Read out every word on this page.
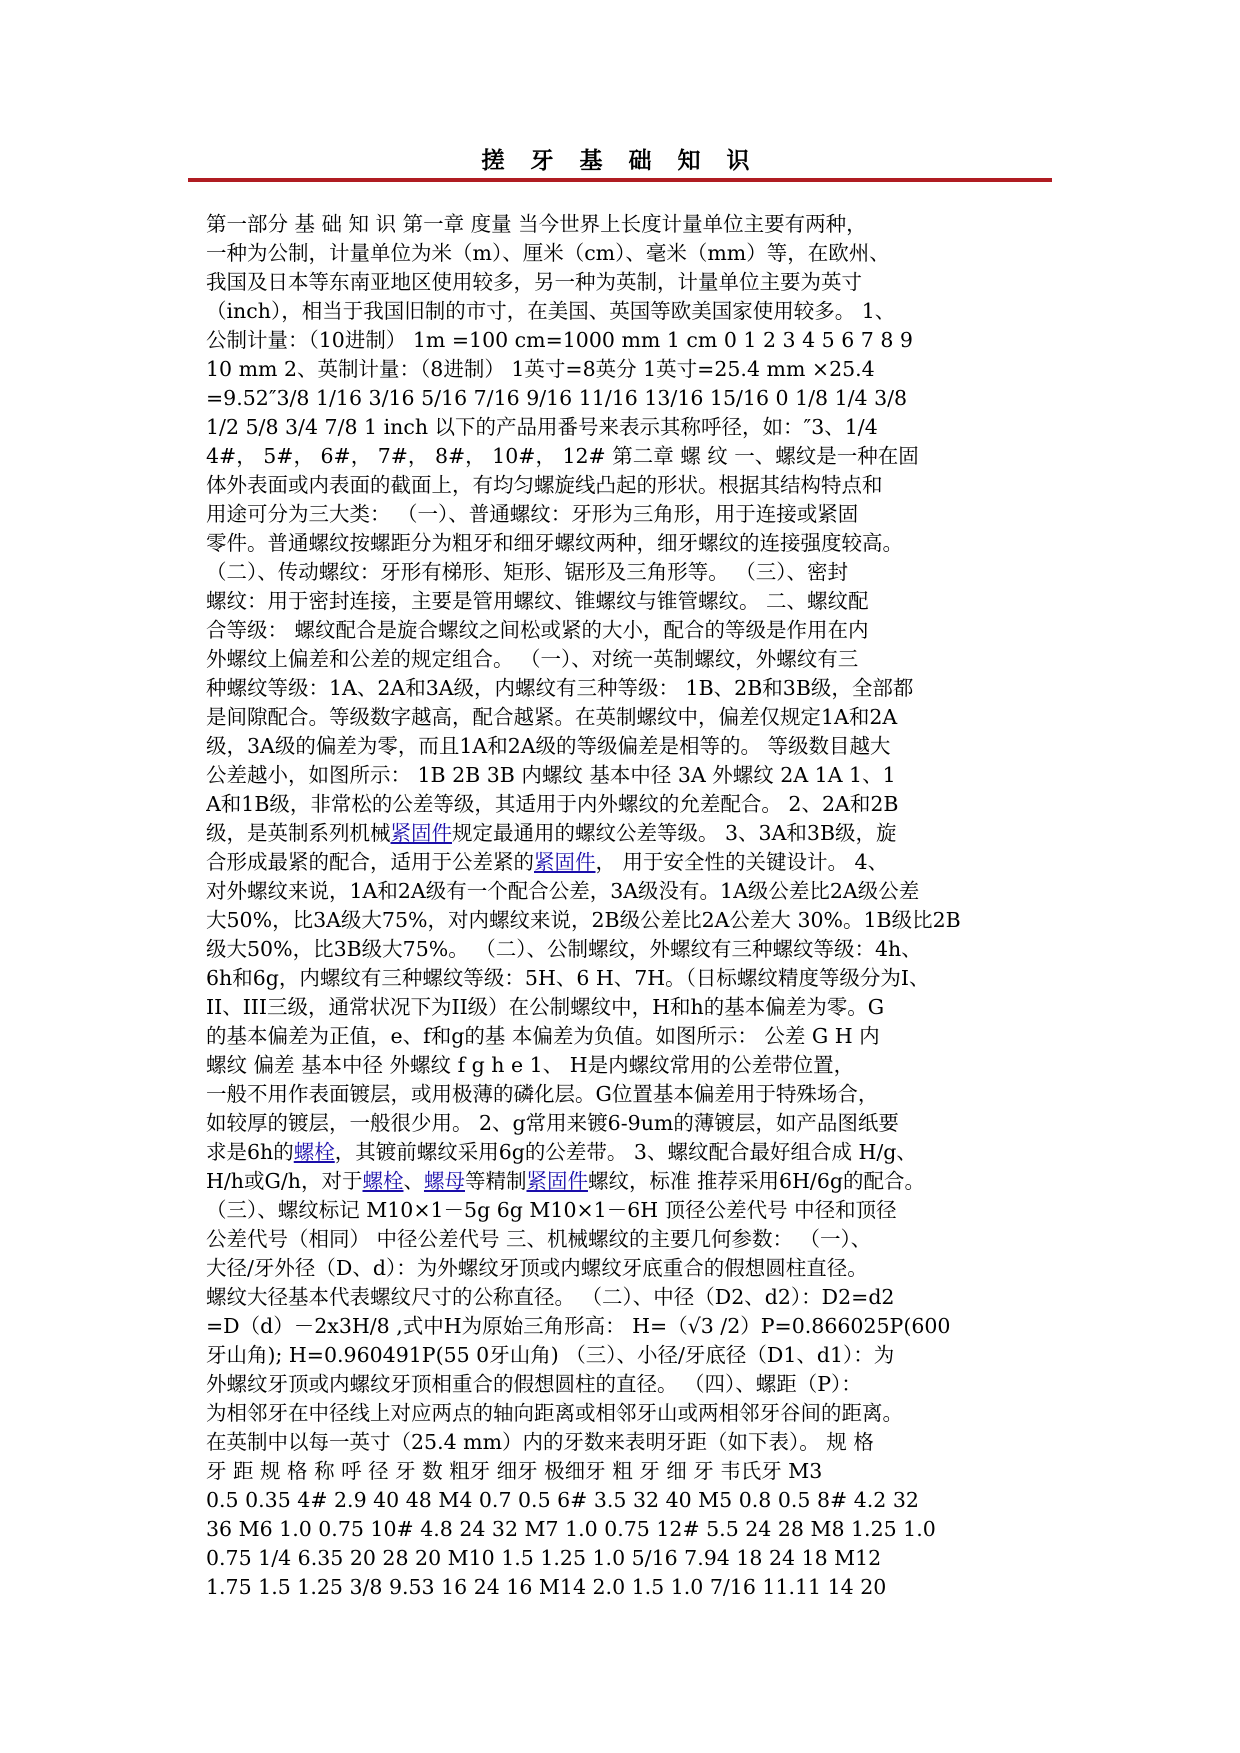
搓 牙 基 础 知 识
第一部分 基 础 知 识 第一章 度量 当今世界上长度计量单位主要有两种，
一种为公制，计量单位为米（m）、厘米（cm）、毫米（mm）等，在欧州、
我国及日本等东南亚地区使用较多，另一种为英制，计量单位主要为英寸
（inch），相当于我国旧制的市寸，在美国、英国等欧美国家使用较多。 1、
公制计量：（10进制） 1m =100 cm=1000 mm 1 cm 0 1 2 3 4 5 6 7 8 9
10 mm 2、英制计量：（8进制） 1英寸=8英分 1英寸=25.4 mm ×25.4
=9.52″3/8 1/16 3/16 5/16 7/16 9/16 11/16 13/16 15/16 0 1/8 1/4 3/8
1/2 5/8 3/4 7/8 1 inch 以下的产品用番号来表示其称呼径，如：″3、1/4
4#， 5#， 6#， 7#， 8#， 10#， 12# 第二章 螺 纹 一、螺纹是一种在固
体外表面或内表面的截面上，有均匀螺旋线凸起的形状。根据其结构特点和
用途可分为三大类： （一）、普通螺纹：牙形为三角形，用于连接或紧固
零件。普通螺纹按螺距分为粗牙和细牙螺纹两种，细牙螺纹的连接强度较高。
（二）、传动螺纹：牙形有梯形、矩形、锯形及三角形等。 （三）、密封
螺纹：用于密封连接，主要是管用螺纹、锥螺纹与锥管螺纹。 二、螺纹配
合等级： 螺纹配合是旋合螺纹之间松或紧的大小，配合的等级是作用在内
外螺纹上偏差和公差的规定组合。 （一）、对统一英制螺纹，外螺纹有三
种螺纹等级：1A、2A和3A级，内螺纹有三种等级： 1B、2B和3B级，全部都
是间隙配合。等级数字越高，配合越紧。在英制螺纹中，偏差仅规定1A和2A
级，3A级的偏差为零，而且1A和2A级的等级偏差是相等的。 等级数目越大
公差越小，如图所示： 1B 2B 3B 内螺纹 基本中径 3A 外螺纹 2A 1A 1、1
A和1B级，非常松的公差等级，其适用于内外螺纹的允差配合。 2、2A和2B
级，是英制系列机械紧固件规定最通用的螺纹公差等级。 3、3A和3B级，旋
合形成最紧的配合，适用于公差紧的紧固件， 用于安全性的关键设计。 4、
对外螺纹来说，1A和2A级有一个配合公差，3A级没有。1A级公差比2A级公差
大50%，比3A级大75%，对内螺纹来说，2B级公差比2A公差大 30%。1B级比2B
级大50%，比3B级大75%。 （二）、公制螺纹，外螺纹有三种螺纹等级：4h、
6h和6g，内螺纹有三种螺纹等级：5H、6 H、7H。（日标螺纹精度等级分为I、
II、III三级，通常状况下为II级）在公制螺纹中，H和h的基本偏差为零。G
的基本偏差为正值，e、f和g的基 本偏差为负值。如图所示： 公差 G H 内
螺纹 偏差 基本中径 外螺纹 f g h e 1、 H是内螺纹常用的公差带位置，
一般不用作表面镀层，或用极薄的磷化层。G位置基本偏差用于特殊场合，
如较厚的镀层，一般很少用。 2、g常用来镀6-9um的薄镀层，如产品图纸要
求是6h的螺栓，其镀前螺纹采用6g的公差带。 3、螺纹配合最好组合成 H/g、
H/h或G/h，对于螺栓、螺母等精制紧固件螺纹，标准 推荐采用6H/6g的配合。
（三）、螺纹标记 M10×1－5g 6g M10×1－6H 顶径公差代号 中径和顶径
公差代号（相同） 中径公差代号 三、机械螺纹的主要几何参数： （一）、
大径/牙外径（D、d）：为外螺纹牙顶或内螺纹牙底重合的假想圆柱直径。
螺纹大径基本代表螺纹尺寸的公称直径。 （二）、中径（D2、d2）：D2=d2
=D（d）－2x3H/8 ,式中H为原始三角形高： H=（√3 /2）P=0.866025P(600
牙山角); H=0.960491P(55 0牙山角) （三）、小径/牙底径（D1、d1）：为
外螺纹牙顶或内螺纹牙顶相重合的假想圆柱的直径。 （四）、螺距（P）：
为相邻牙在中径线上对应两点的轴向距离或相邻牙山或两相邻牙谷间的距离。
在英制中以每一英寸（25.4 mm）内的牙数来表明牙距（如下表）。 规 格
牙 距 规 格 称 呼 径 牙 数 粗牙 细牙 极细牙 粗 牙 细 牙 韦氏牙 M3
0.5 0.35 4# 2.9 40 48 M4 0.7 0.5 6# 3.5 32 40 M5 0.8 0.5 8# 4.2 32
36 M6 1.0 0.75 10# 4.8 24 32 M7 1.0 0.75 12# 5.5 24 28 M8 1.25 1.0
0.75 1/4 6.35 20 28 20 M10 1.5 1.25 1.0 5/16 7.94 18 24 18 M12
1.75 1.5 1.25 3/8 9.53 16 24 16 M14 2.0 1.5 1.0 7/16 11.11 14 20
